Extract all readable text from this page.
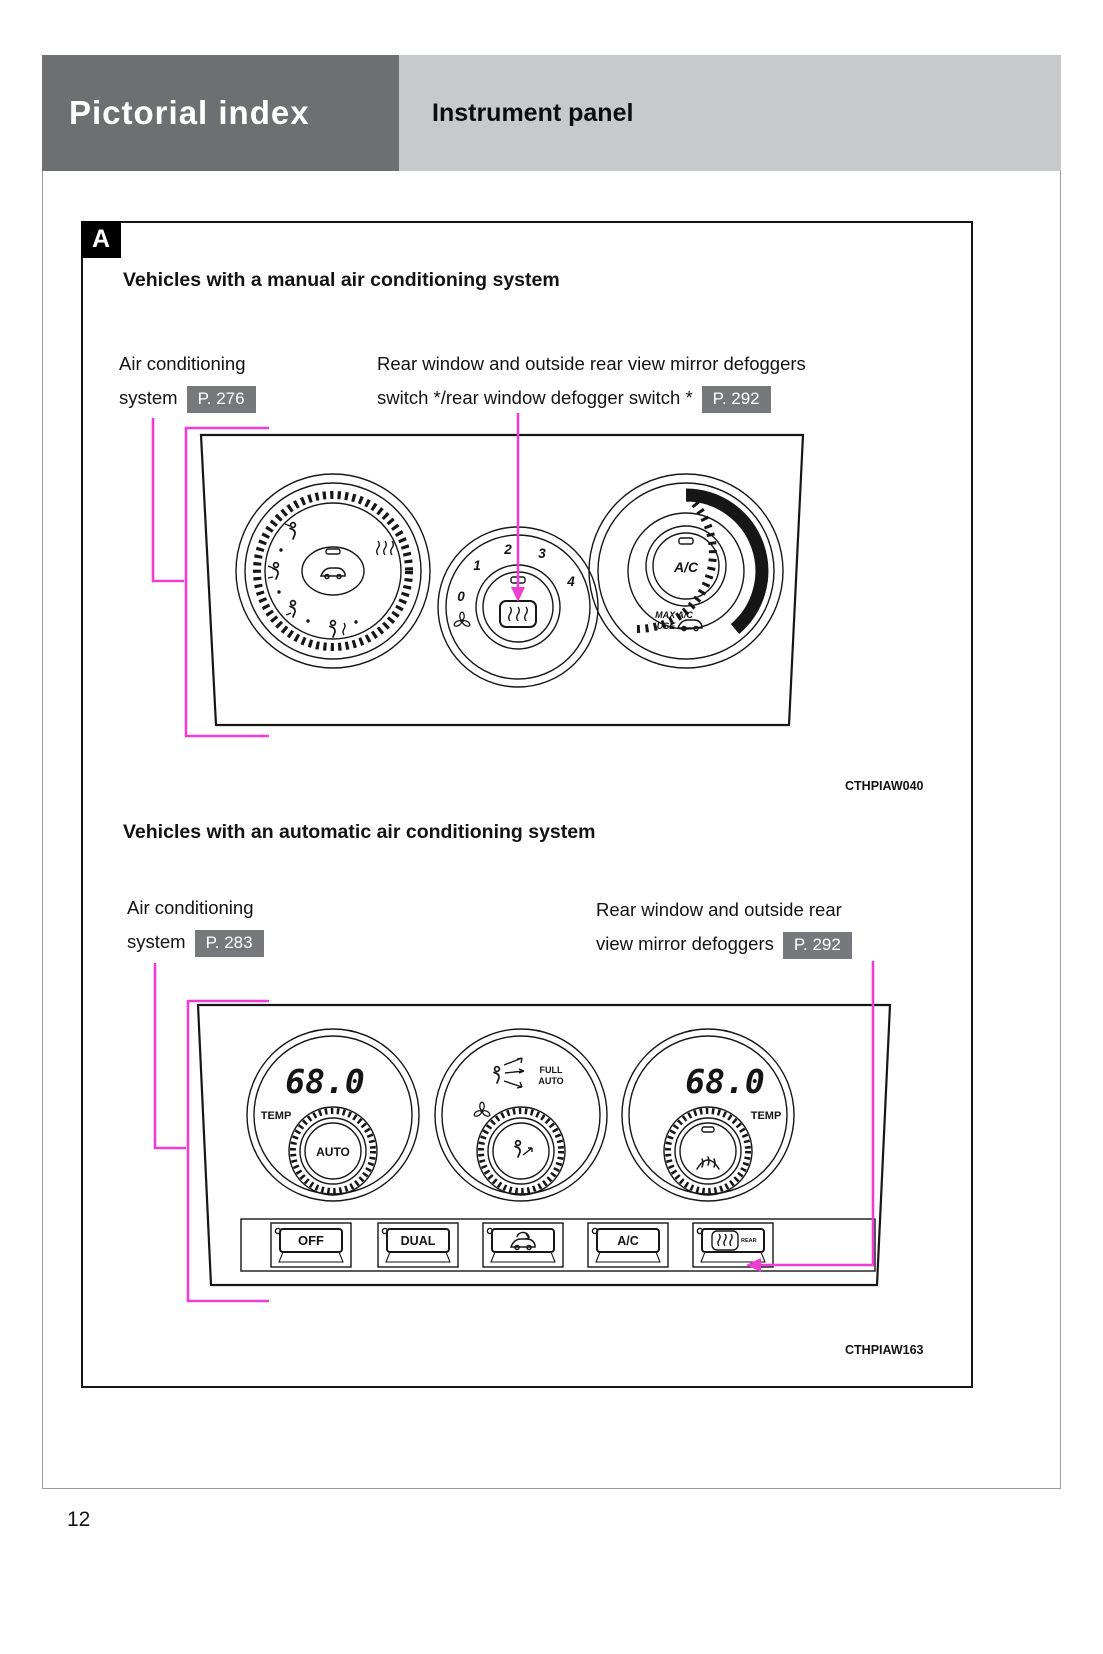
Pictorial index	Instrument panel
A
Vehicles with a manual air conditioning system
Air conditioning
system P. 276
Rear window and outside rear view mirror defoggers
switch */rear window defogger switch * P. 292
0
1
2 3
4
A/C
MAX A/C
USE
CTHPIAW040
Vehicles with an automatic air conditioning system
Air conditioning
system P. 283
Rear window and outside rear
view mirror defoggers P. 292
68.0	68.0
TEMP	TEMP
AUTO
FULL
AUTO
OFF	DUAL	A/C	REAR
CTHPIAW163
12
